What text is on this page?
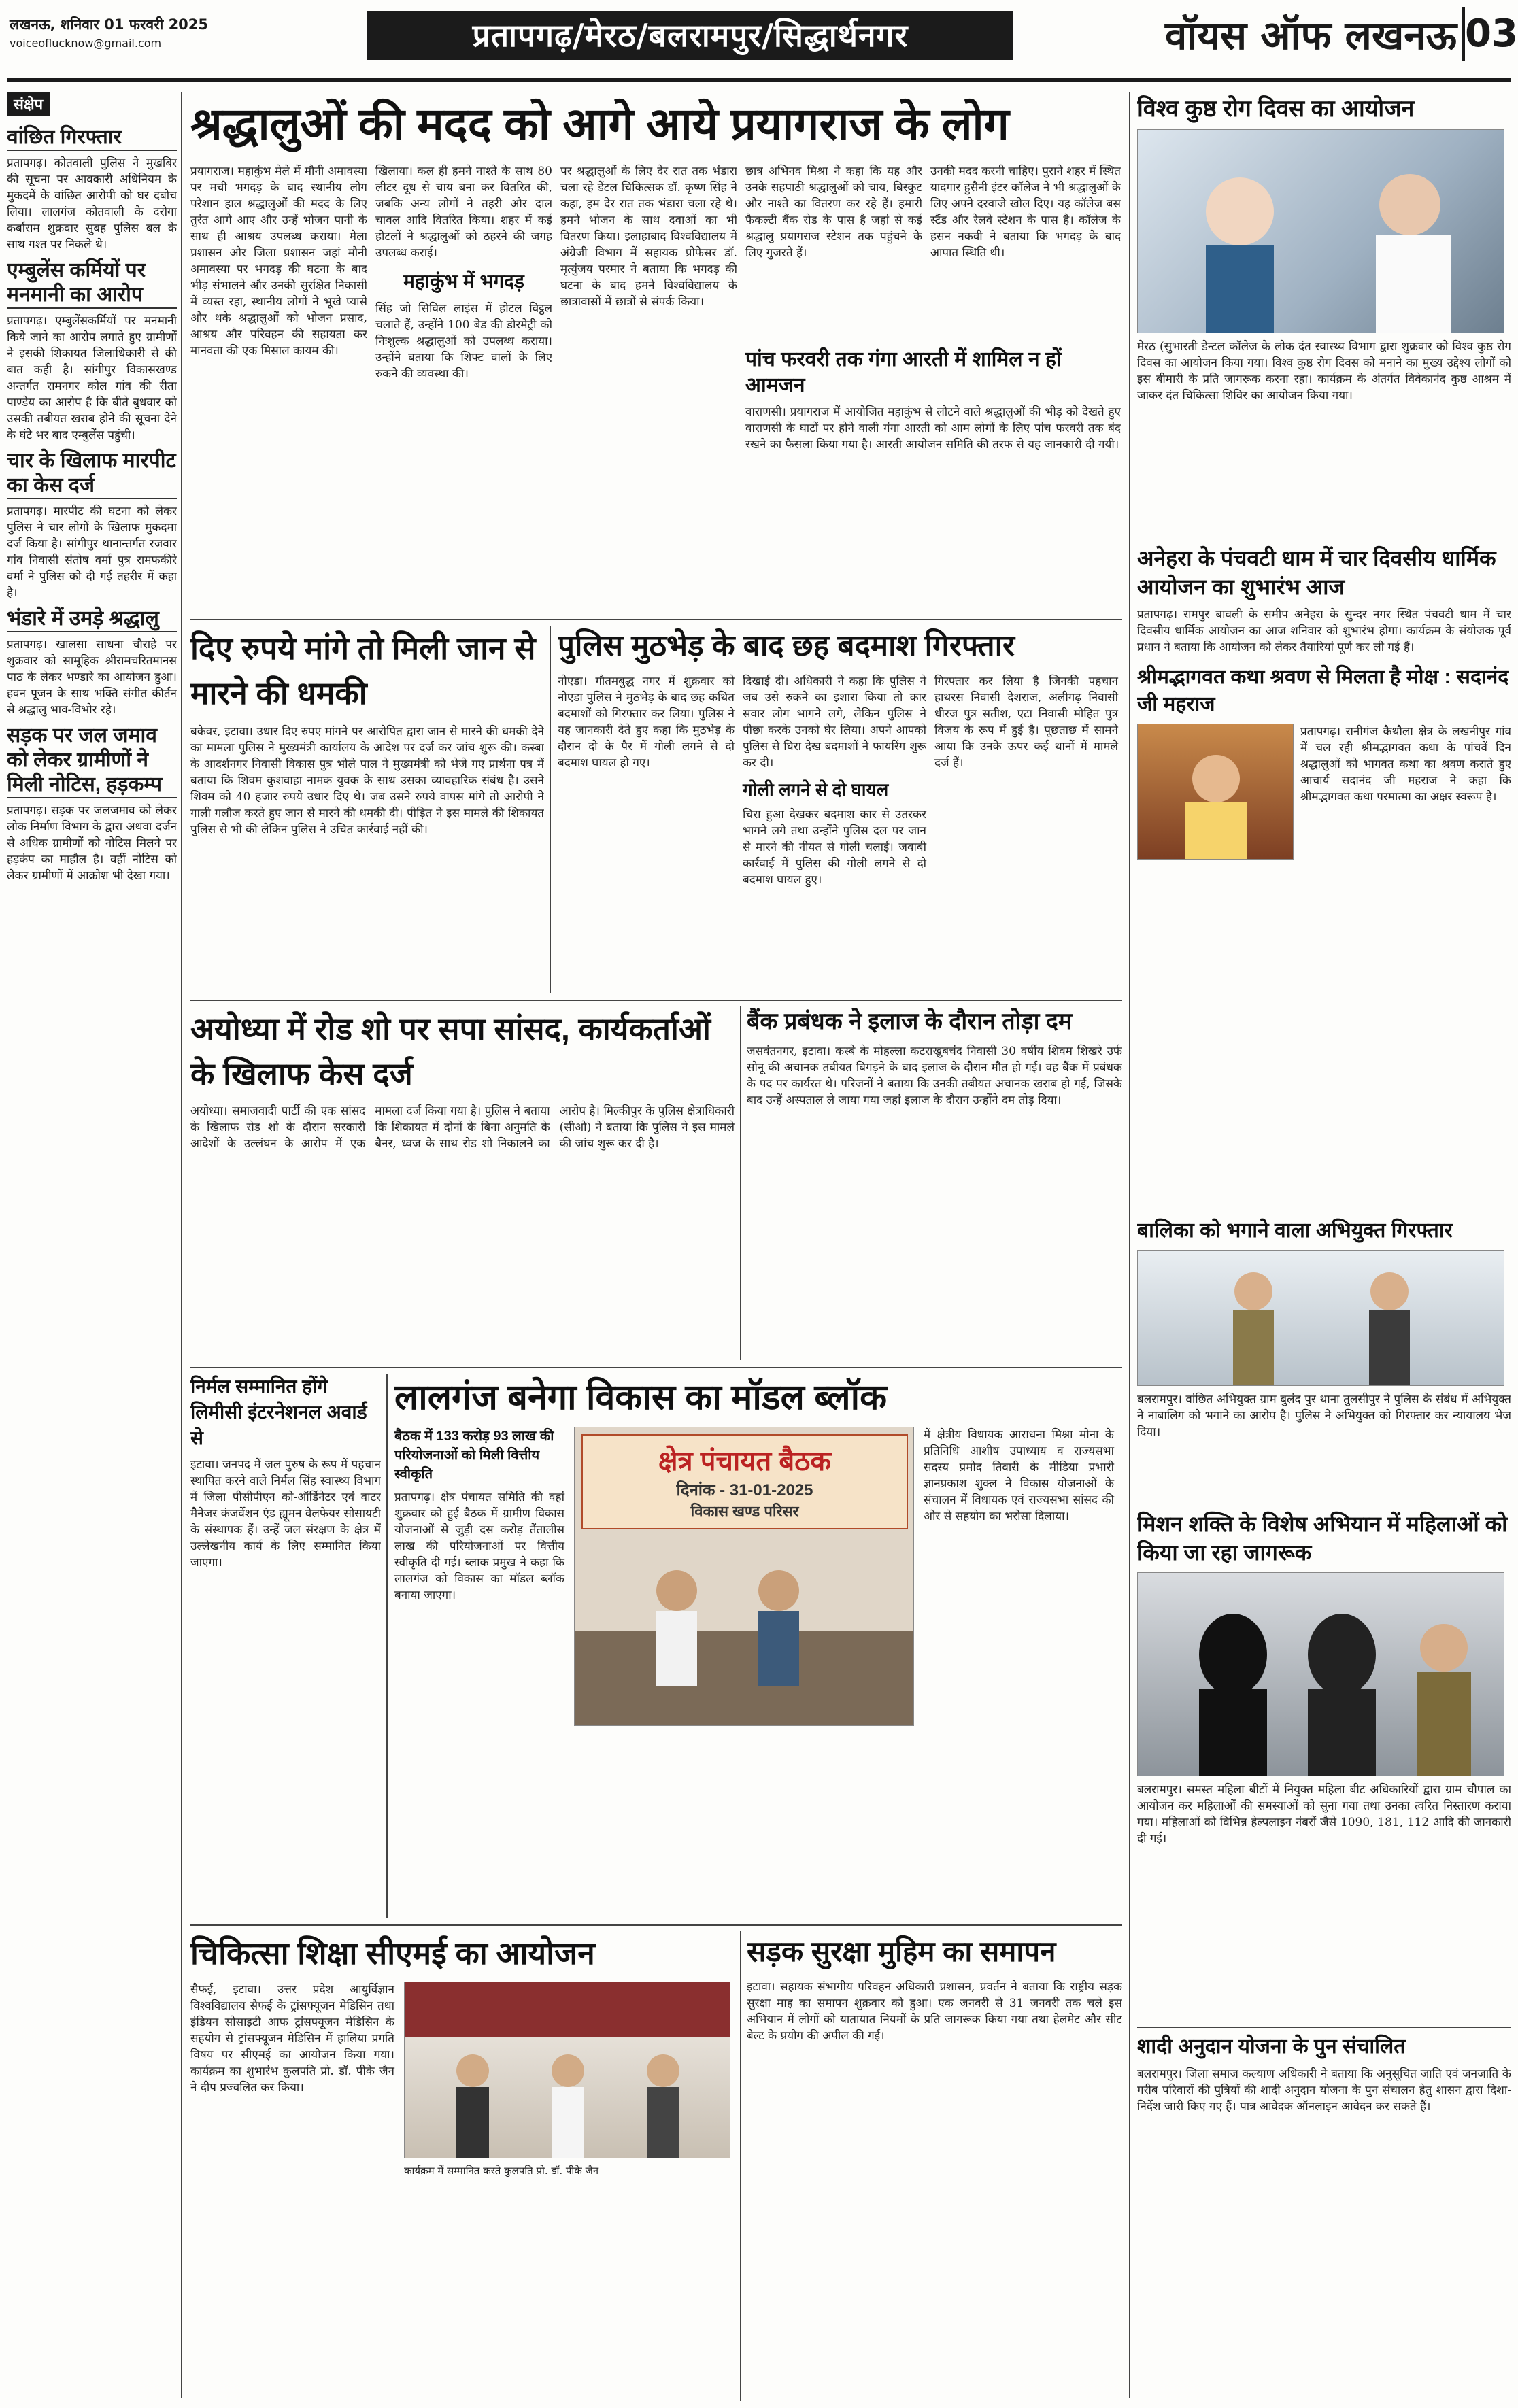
लखनऊ, शनिवार 01 फरवरी 2025
voiceoflucknow@gmail.com	प्रतापगढ़/मेरठ/बलरामपुर/सिद्धार्थनगर	वॉयस ऑफ लखनऊ 03
संक्षेप
वांछित गिरफ्तार

प्रतापगढ़। कोतवाली पुलिस ने मुखबिर की सूचना पर आवकारी अधिनियम के मुकदमें के वांछित आरोपी को घर दबोच लिया। लालगंज कोतवाली के दरोगा कर्बाराम शुक्रवार सुबह पुलिस बल के साथ गश्त पर निकले थे।

एम्बुलेंस कर्मियों पर मनमानी का आरोप

प्रतापगढ़। एम्बुलेंसकर्मियों पर मनमानी किये जाने का आरोप लगाते हुए ग्रामीणों ने इसकी शिकायत जिलाधिकारी से की बात कही है। सांगीपुर विकासखण्ड अन्तर्गत रामनगर कोल गांव की रीता पाण्डेय का आरोप है कि बीते बुधवार को उसकी तबीयत खराब होने की सूचना देने के घंटे भर बाद एम्बुलेंस पहुंची।

चार के खिलाफ मारपीट का केस दर्ज

प्रतापगढ़। मारपीट की घटना को लेकर पुलिस ने चार लोगों के खिलाफ मुकदमा दर्ज किया है। सांगीपुर थानान्तर्गत रजवार गांव निवासी संतोष वर्मा पुत्र रामफकीरे वर्मा ने पुलिस को दी गई तहरीर में कहा है।

भंडारे में उमड़े श्रद्धालु

प्रतापगढ़। खालसा साधना चौराहे पर शुक्रवार को सामूहिक श्रीरामचरितमानस पाठ के लेकर भण्डारे का आयोजन हुआ। हवन पूजन के साथ भक्ति संगीत कीर्तन से श्रद्धालु भाव-विभोर रहे।

सड़क पर जल जमाव को लेकर ग्रामीणों ने मिली नोटिस, हड़कम्प

प्रतापगढ़। सड़क पर जलजमाव को लेकर लोक निर्माण विभाग के द्वारा अथवा दर्जन से अधिक ग्रामीणों को नोटिस मिलने पर हड़कंप का माहौल है। वहीं नोटिस को लेकर ग्रामीणों में आक्रोश भी देखा गया।

श्रद्धालुओं की मदद को आगे आये प्रयागराज के लोग
प्रयागराज। महाकुंभ मेले में मौनी अमावस्या पर मची भगदड़ के बाद स्थानीय लोग परेशान हाल श्रद्धालुओं की मदद के लिए तुरंत आगे आए और उन्हें भोजन पानी के साथ ही आश्रय उपलब्ध कराया। मेला प्रशासन और जिला प्रशासन जहां मौनी अमावस्या पर भगदड़ की घटना के बाद भीड़ संभालने और उनकी सुरक्षित निकासी में व्यस्त रहा, स्थानीय लोगों ने भूखे प्यासे और थके श्रद्धालुओं को भोजन प्रसाद, आश्रय और परिवहन की सहायता कर मानवता की एक मिसाल कायम की।
खिलाया। कल ही हमने नाश्ते के साथ 80 लीटर दूध से चाय बना कर वितरित की, जबकि अन्य लोगों ने तहरी और दाल चावल आदि वितरित किया। शहर में कई होटलों ने श्रद्धालुओं को ठहरने की जगह उपलब्ध कराई।
महाकुंभ में भगदड़
सिंह जो सिविल लाइंस में होटल विट्ठल चलाते हैं, उन्होंने 100 बेड की डोरमेट्री को निःशुल्क श्रद्धालुओं को उपलब्ध कराया। उन्होंने बताया कि शिफ्ट वालों के लिए रुकने की व्यवस्था की।
पर श्रद्धालुओं के लिए देर रात तक भंडारा चला रहे डेंटल चिकित्सक डॉ. कृष्ण सिंह ने कहा, हम देर रात तक भंडारा चला रहे थे। हमने भोजन के साथ दवाओं का भी वितरण किया। इलाहाबाद विश्वविद्यालय में अंग्रेजी विभाग में सहायक प्रोफेसर डॉ. मृत्युंजय परमार ने बताया कि भगदड़ की घटना के बाद हमने विश्वविद्यालय के छात्रावासों में छात्रों से संपर्क किया।
छात्र अभिनव मिश्रा ने कहा कि यह और उनके सहपाठी श्रद्धालुओं को चाय, बिस्कुट और नाश्ते का वितरण कर रहे हैं। हमारी फैकल्टी बैंक रोड के पास है जहां से कई श्रद्धालु प्रयागराज स्टेशन तक पहुंचने के लिए गुजरते हैं।
उनकी मदद करनी चाहिए। पुराने शहर में स्थित यादगार हुसैनी इंटर कॉलेज ने भी श्रद्धालुओं के लिए अपने दरवाजे खोल दिए। यह कॉलेज बस स्टैंड और रेलवे स्टेशन के पास है। कॉलेज के हसन नकवी ने बताया कि भगदड़ के बाद आपात स्थिति थी।
पांच फरवरी तक गंगा आरती में शामिल न हों आमजन
वाराणसी। प्रयागराज में आयोजित महाकुंभ से लौटने वाले श्रद्धालुओं की भीड़ को देखते हुए वाराणसी के घाटों पर होने वाली गंगा आरती को आम लोगों के लिए पांच फरवरी तक बंद रखने का फैसला किया गया है। आरती आयोजन समिति की तरफ से यह जानकारी दी गयी।
विश्व कुष्ठ रोग दिवस का आयोजन
मेरठ (सुभारती डेन्टल कॉलेज के लोक दंत स्वास्थ्य विभाग द्वारा शुक्रवार को विश्व कुष्ठ रोग दिवस का आयोजन किया गया। विश्व कुष्ठ रोग दिवस को मनाने का मुख्य उद्देश्य लोगों को इस बीमारी के प्रति जागरूक करना रहा। कार्यक्रम के अंतर्गत विवेकानंद कुष्ठ आश्रम में जाकर दंत चिकित्सा शिविर का आयोजन किया गया।
दिए रुपये मांगे तो मिली जान से मारने की धमकी
बकेवर, इटावा। उधार दिए रुपए मांगने पर आरोपित द्वारा जान से मारने की धमकी देने का मामला पुलिस ने मुख्यमंत्री कार्यालय के आदेश पर दर्ज कर जांच शुरू की। कस्बा के आदर्शनगर निवासी विकास पुत्र भोले पाल ने मुख्यमंत्री को भेजे गए प्रार्थना पत्र में बताया कि शिवम कुशवाहा नामक युवक के साथ उसका व्यावहारिक संबंध है। उसने शिवम को 40 हजार रुपये उधार दिए थे। जब उसने रुपये वापस मांगे तो आरोपी ने गाली गलौज करते हुए जान से मारने की धमकी दी। पीड़ित ने इस मामले की शिकायत पुलिस से भी की लेकिन पुलिस ने उचित कार्रवाई नहीं की।
पुलिस मुठभेड़ के बाद छह बदमाश गिरफ्तार
नोएडा। गौतमबुद्ध नगर में शुक्रवार को नोएडा पुलिस ने मुठभेड़ के बाद छह कथित बदमाशों को गिरफ्तार कर लिया। पुलिस ने यह जानकारी देते हुए कहा कि मुठभेड़ के दौरान दो के पैर में गोली लगने से दो बदमाश घायल हो गए।
दिखाई दी। अधिकारी ने कहा कि पुलिस ने जब उसे रुकने का इशारा किया तो कार सवार लोग भागने लगे, लेकिन पुलिस ने पीछा करके उनको घेर लिया। अपने आपको पुलिस से घिरा देख बदमाशों ने फायरिंग शुरू कर दी।
गोली लगने से दो घायल
चिरा हुआ देखकर बदमाश कार से उतरकर भागने लगे तथा उन्होंने पुलिस दल पर जान से मारने की नीयत से गोली चलाई। जवाबी कार्रवाई में पुलिस की गोली लगने से दो बदमाश घायल हुए।
गिरफ्तार कर लिया है जिनकी पहचान हाथरस निवासी देशराज, अलीगढ़ निवासी धीरज पुत्र सतीश, एटा निवासी मोहित पुत्र विजय के रूप में हुई है। पूछताछ में सामने आया कि उनके ऊपर कई थानों में मामले दर्ज हैं।
अनेहरा के पंचवटी धाम में चार दिवसीय धार्मिक आयोजन का शुभारंभ आज
प्रतापगढ़। रामपुर बावली के समीप अनेहरा के सुन्दर नगर स्थित पंचवटी धाम में चार दिवसीय धार्मिक आयोजन का आज शनिवार को शुभारंभ होगा। कार्यक्रम के संयोजक पूर्व प्रधान ने बताया कि आयोजन को लेकर तैयारियां पूर्ण कर ली गई हैं।
श्रीमद्भागवत कथा श्रवण से मिलता है मोक्ष : सदानंद जी महराज
प्रतापगढ़। रानीगंज कैथौला क्षेत्र के लखनीपुर गांव में चल रही श्रीमद्भागवत कथा के पांचवें दिन श्रद्धालुओं को भागवत कथा का श्रवण कराते हुए आचार्य सदानंद जी महराज ने कहा कि श्रीमद्भागवत कथा परमात्मा का अक्षर स्वरूप है।
अयोध्या में रोड शो पर सपा सांसद, कार्यकर्ताओं के खिलाफ केस दर्ज
अयोध्या। समाजवादी पार्टी की एक सांसद के खिलाफ रोड शो के दौरान सरकारी आदेशों के उल्लंघन के आरोप में एक मामला दर्ज किया गया है। पुलिस ने बताया कि शिकायत में दोनों के बिना अनुमति के बैनर, ध्वज के साथ रोड शो निकालने का आरोप है। मिल्कीपुर के पुलिस क्षेत्राधिकारी (सीओ) ने बताया कि पुलिस ने इस मामले की जांच शुरू कर दी है।
बैंक प्रबंधक ने इलाज के दौरान तोड़ा दम
जसवंतनगर, इटावा। कस्बे के मोहल्ला कटराखुबचंद निवासी 30 वर्षीय शिवम शिखरे उर्फ सोनू की अचानक तबीयत बिगड़ने के बाद इलाज के दौरान मौत हो गई। वह बैंक में प्रबंधक के पद पर कार्यरत थे। परिजनों ने बताया कि उनकी तबीयत अचानक खराब हो गई, जिसके बाद उन्हें अस्पताल ले जाया गया जहां इलाज के दौरान उन्होंने दम तोड़ दिया।
बालिका को भगाने वाला अभियुक्त गिरफ्तार
बलरामपुर। वांछित अभियुक्त ग्राम बुलंद पुर थाना तुलसीपुर ने पुलिस के संबंध में अभियुक्त ने नाबालिग को भगाने का आरोप है। पुलिस ने अभियुक्त को गिरफ्तार कर न्यायालय भेज दिया।
निर्मल सम्मानित होंगे लिमीसी इंटरनेशनल अवार्ड से
इटावा। जनपद में जल पुरुष के रूप में पहचान स्थापित करने वाले निर्मल सिंह स्वास्थ्य विभाग में जिला पीसीपीएन को-ऑर्डिनेटर एवं वाटर मैनेजर कंजर्वेशन एंड ह्यूमन वेलफेयर सोसायटी के संस्थापक हैं। उन्हें जल संरक्षण के क्षेत्र में उल्लेखनीय कार्य के लिए सम्मानित किया जाएगा।
लालगंज बनेगा विकास का मॉडल ब्लॉक
बैठक में 133 करोड़ 93 लाख की परियोजनाओं को मिली वित्तीय स्वीकृति
प्रतापगढ़। क्षेत्र पंचायत समिति की वहां शुक्रवार को हुई बैठक में ग्रामीण विकास योजनाओं से जुड़ी दस करोड़ तैंतालीस लाख की परियोजनाओं पर वित्तीय स्वीकृति दी गई। ब्लाक प्रमुख ने कहा कि लालगंज को विकास का मॉडल ब्लॉक बनाया जाएगा।
क्षेत्र पंचायत बैठक
दिनांक - 31-01-2025
विकास खण्ड परिसर
में क्षेत्रीय विधायक आराधना मिश्रा मोना के प्रतिनिधि आशीष उपाध्याय व राज्यसभा सदस्य प्रमोद तिवारी के मीडिया प्रभारी ज्ञानप्रकाश शुक्ल ने विकास योजनाओं के संचालन में विधायक एवं राज्यसभा सांसद की ओर से सहयोग का भरोसा दिलाया।	मिशन शक्ति के विशेष अभियान में महिलाओं को किया जा रहा जागरूक
बलरामपुर। समस्त महिला बीटों में नियुक्त महिला बीट अधिकारियों द्वारा ग्राम चौपाल का आयोजन कर महिलाओं की समस्याओं को सुना गया तथा उनका त्वरित निस्तारण कराया गया। महिलाओं को विभिन्न हेल्पलाइन नंबरों जैसे 1090, 181, 112 आदि की जानकारी दी गई।
चिकित्सा शिक्षा सीएमई का आयोजन
सैफई, इटावा। उत्तर प्रदेश आयुर्विज्ञान विश्वविद्यालय सैफई के ट्रांसफ्यूजन मेडिसिन तथा इंडियन सोसाइटी आफ ट्रांसफ्यूजन मेडिसिन के सहयोग से ट्रांसफ्यूजन मेडिसिन में हालिया प्रगति विषय पर सीएमई का आयोजन किया गया। कार्यक्रम का शुभारंभ कुलपति प्रो. डॉ. पीके जैन ने दीप प्रज्वलित कर किया।
कार्यक्रम में सम्मानित करते कुलपति प्रो. डॉ. पीके जैन
सड़क सुरक्षा मुहिम का समापन
इटावा। सहायक संभागीय परिवहन अधिकारी प्रशासन, प्रवर्तन ने बताया कि राष्ट्रीय सड़क सुरक्षा माह का समापन शुक्रवार को हुआ। एक जनवरी से 31 जनवरी तक चले इस अभियान में लोगों को यातायात नियमों के प्रति जागरूक किया गया तथा हेलमेट और सीट बेल्ट के प्रयोग की अपील की गई।	शादी अनुदान योजना के पुन संचालित
बलरामपुर। जिला समाज कल्याण अधिकारी ने बताया कि अनुसूचित जाति एवं जनजाति के गरीब परिवारों की पुत्रियों की शादी अनुदान योजना के पुन संचालन हेतु शासन द्वारा दिशा-निर्देश जारी किए गए हैं। पात्र आवेदक ऑनलाइन आवेदन कर सकते हैं।
